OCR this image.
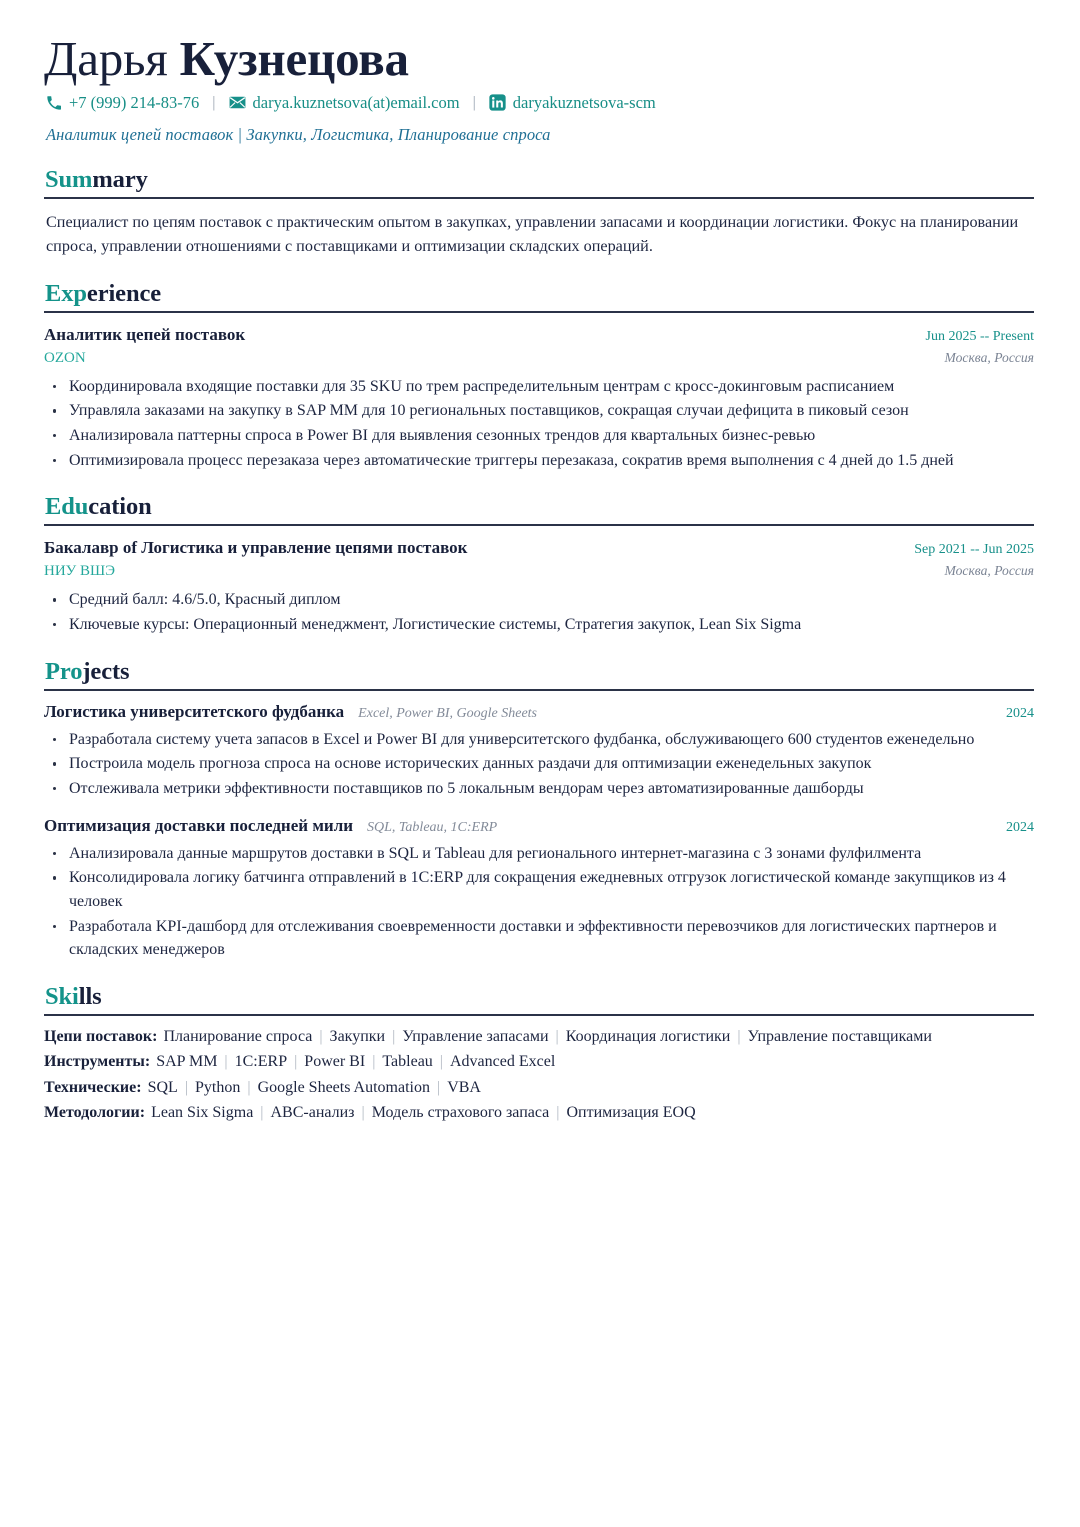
Дарья Кузнецова
+7 (999) 214-83-76 | darya.kuznetsova(at)email.com | daryakuznetsova-scm
Аналитик цепей поставок | Закупки, Логистика, Планирование спроса
Summary

Специалист по цепям поставок с практическим опытом в закупках, управлении запасами и координации логистики. Фокус на планировании спроса, управлении отношениями с поставщиками и оптимизации складских операций.

Experience
Аналитик цепей поставок	Jun 2025 -- Present
OZON	Москва, Россия
Координировала входящие поставки для 35 SKU по трем распределительным центрам с кросс-докинговым расписанием
Управляла заказами на закупку в SAP MM для 10 региональных поставщиков, сокращая случаи дефицита в пиковый сезон
Анализировала паттерны спроса в Power BI для выявления сезонных трендов для квартальных бизнес-ревью
Оптимизировала процесс перезаказа через автоматические триггеры перезаказа, сократив время выполнения с 4 дней до 1.5 дней
Education
Бакалавр of Логистика и управление цепями поставок	Sep 2021 -- Jun 2025
НИУ ВШЭ	Москва, Россия
Средний балл: 4.6/5.0, Красный диплом
Ключевые курсы: Операционный менеджмент, Логистические системы, Стратегия закупок, Lean Six Sigma
Projects
Логистика университетского фудбанка Excel, Power BI, Google Sheets	2024
Разработала систему учета запасов в Excel и Power BI для университетского фудбанка, обслуживающего 600 студентов еженедельно
Построила модель прогноза спроса на основе исторических данных раздачи для оптимизации еженедельных закупок
Отслеживала метрики эффективности поставщиков по 5 локальным вендорам через автоматизированные дашборды
Оптимизация доставки последней мили SQL, Tableau, 1C:ERP	2024
Анализировала данные маршрутов доставки в SQL и Tableau для регионального интернет-магазина с 3 зонами фулфилмента
Консолидировала логику батчинга отправлений в 1C:ERP для сокращения ежедневных отгрузок логистической команде закупщиков из 4 человек
Разработала KPI-дашборд для отслеживания своевременности доставки и эффективности перевозчиков для логистических партнеров и складских менеджеров
Skills
Цепи поставок: Планирование спроса | Закупки | Управление запасами | Координация логистики | Управление поставщиками
Инструменты: SAP MM | 1C:ERP | Power BI | Tableau | Advanced Excel
Технические: SQL | Python | Google Sheets Automation | VBA
Методологии: Lean Six Sigma | ABC-анализ | Модель страхового запаса | Оптимизация EOQ
